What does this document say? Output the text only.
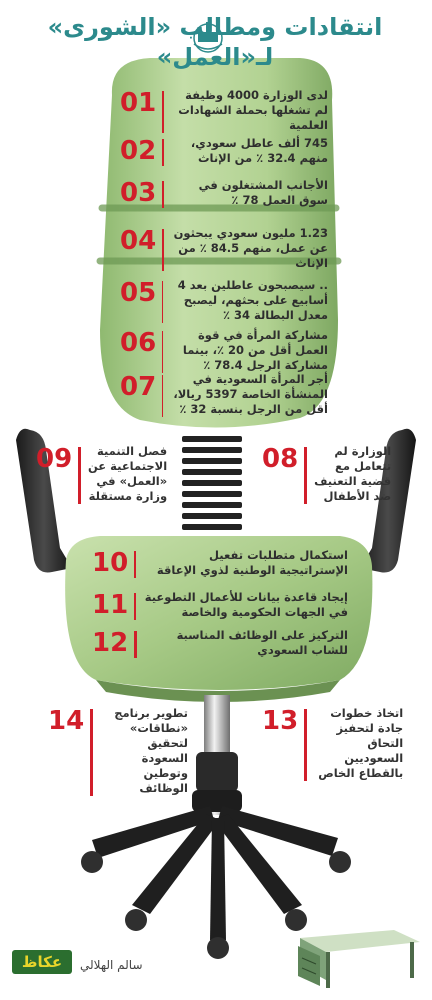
انتقادات ومطالب «الشورى» لـ«العمل»
01	لدى الوزارة 4000 وظيفة لم تشغلها بحملة الشهادات العلمية
02	745 ألف عاطل سعودي، منهم 32.4 ٪ من الإناث
03	الأجانب المشتغلون في سوق العمل 78 ٪
04	1.23 مليون سعودي يبحثون عن عمل، منهم 84.5 ٪ من الإناث
05	.. سيصبحون عاطلين بعد 4 أسابيع على بحثهم، ليصبح معدل البطالة 34 ٪
06	مشاركة المرأة في قوة العمل أقل من 20 ٪، بينما مشاركة الرجل 78.4 ٪
07	أجر المرأة السعودية في المنشأة الخاصة 5397 ريالا، أقل من الرجل بنسبة 32 ٪
08	الوزارة لم تتعامل مع قضية التعنيف ضد الأطفال
09	فصل التنمية الاجتماعية عن «العمل» في وزارة مستقلة
10	استكمال متطلبات تفعيل الإستراتيجية الوطنية لذوي الإعاقة
11 إيجاد قاعدة بيانات للأعمال التطوعية في الجهات الحكومية والخاصة
12	التركيز على الوظائف المناسبة للشاب السعودي
13	اتخاذ خطوات جادة لتحفيز التحاق السعوديين بالقطاع الخاص
14	تطوير برنامج «نطاقات» لتحقيق السعودة وتوطين الوظائف
عكاظ	سالم الهلالي
